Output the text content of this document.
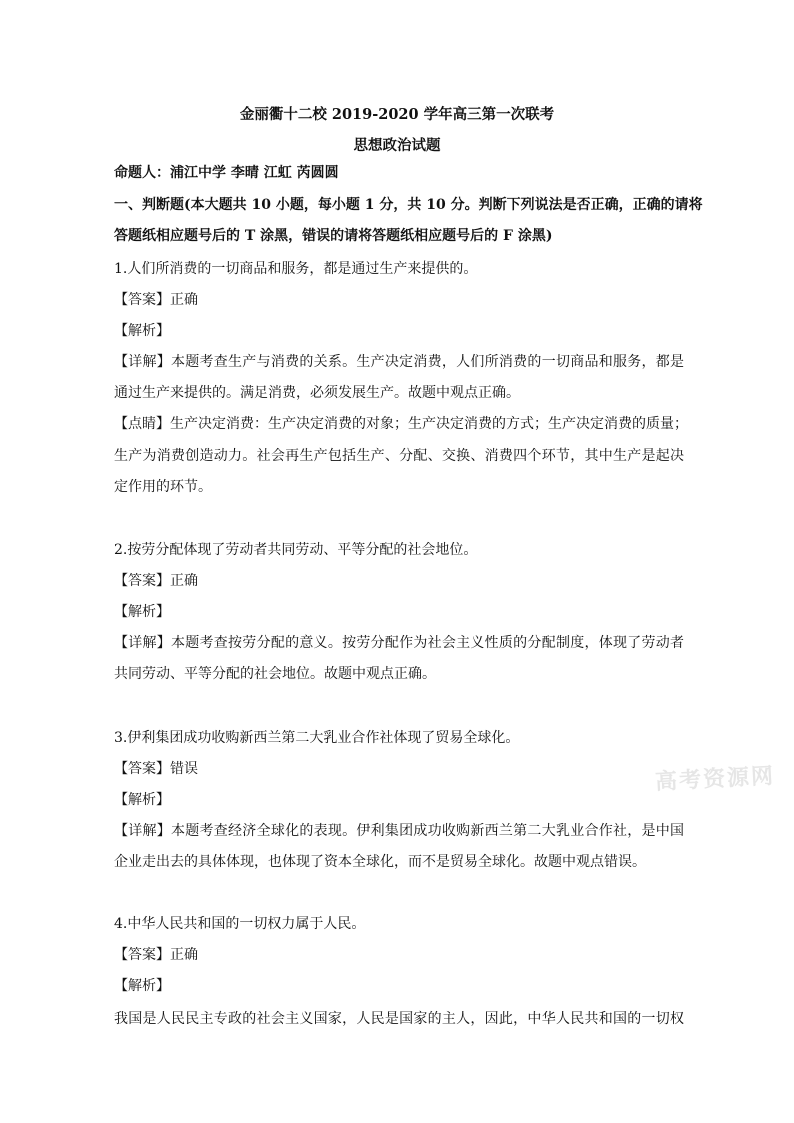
金丽衢十二校 2019-2020 学年高三第一次联考
思想政治试题
命题人：浦江中学 李晴 江虹 芮圆圆
一、判断题(本大题共 10 小题，每小题 1 分，共 10 分。判断下列说法是否正确，正确的请将
答题纸相应题号后的 T 涂黑，错误的请将答题纸相应题号后的 F 涂黑)
1.人们所消费的一切商品和服务，都是通过生产来提供的。
【答案】正确
【解析】
【详解】本题考查生产与消费的关系。生产决定消费，人们所消费的一切商品和服务，都是
通过生产来提供的。满足消费，必须发展生产。故题中观点正确。
【点睛】生产决定消费：生产决定消费的对象；生产决定消费的方式；生产决定消费的质量；
生产为消费创造动力。社会再生产包括生产、分配、交换、消费四个环节，其中生产是起决
定作用的环节。
2.按劳分配体现了劳动者共同劳动、平等分配的社会地位。
【答案】正确
【解析】
【详解】本题考查按劳分配的意义。按劳分配作为社会主义性质的分配制度，体现了劳动者
共同劳动、平等分配的社会地位。故题中观点正确。
3.伊利集团成功收购新西兰第二大乳业合作社体现了贸易全球化。
【答案】错误
【解析】
【详解】本题考查经济全球化的表现。伊利集团成功收购新西兰第二大乳业合作社，是中国
企业走出去的具体体现，也体现了资本全球化，而不是贸易全球化。故题中观点错误。
4.中华人民共和国的一切权力属于人民。
【答案】正确
【解析】
我国是人民民主专政的社会主义国家，人民是国家的主人，因此，中华人民共和国的一切权
高考资源网
